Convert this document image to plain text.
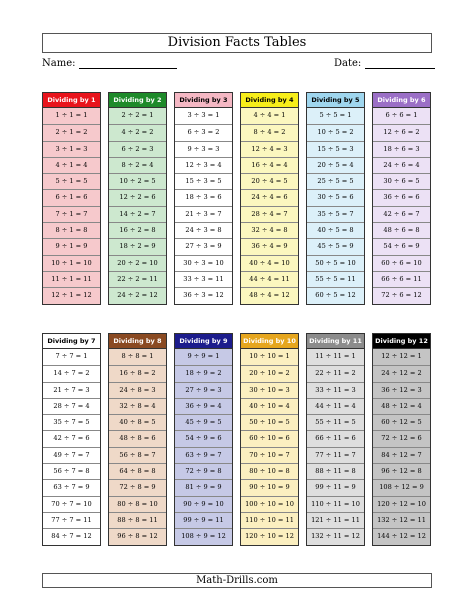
Division Facts Tables
Name:	Date:
Dividing by 1
1 ÷ 1 = 1
2 ÷ 1 = 2
3 ÷ 1 = 3
4 ÷ 1 = 4
5 ÷ 1 = 5
6 ÷ 1 = 6
7 ÷ 1 = 7
8 ÷ 1 = 8
9 ÷ 1 = 9
10 ÷ 1 = 10
11 ÷ 1 = 11
12 ÷ 1 = 12
Dividing by 2
2 ÷ 2 = 1
4 ÷ 2 = 2
6 ÷ 2 = 3
8 ÷ 2 = 4
10 ÷ 2 = 5
12 ÷ 2 = 6
14 ÷ 2 = 7
16 ÷ 2 = 8
18 ÷ 2 = 9
20 ÷ 2 = 10
22 ÷ 2 = 11
24 ÷ 2 = 12
Dividing by 3
3 ÷ 3 = 1
6 ÷ 3 = 2
9 ÷ 3 = 3
12 ÷ 3 = 4
15 ÷ 3 = 5
18 ÷ 3 = 6
21 ÷ 3 = 7
24 ÷ 3 = 8
27 ÷ 3 = 9
30 ÷ 3 = 10
33 ÷ 3 = 11
36 ÷ 3 = 12
Dividing by 4
4 ÷ 4 = 1
8 ÷ 4 = 2
12 ÷ 4 = 3
16 ÷ 4 = 4
20 ÷ 4 = 5
24 ÷ 4 = 6
28 ÷ 4 = 7
32 ÷ 4 = 8
36 ÷ 4 = 9
40 ÷ 4 = 10
44 ÷ 4 = 11
48 ÷ 4 = 12
Dividing by 5
5 ÷ 5 = 1
10 ÷ 5 = 2
15 ÷ 5 = 3
20 ÷ 5 = 4
25 ÷ 5 = 5
30 ÷ 5 = 6
35 ÷ 5 = 7
40 ÷ 5 = 8
45 ÷ 5 = 9
50 ÷ 5 = 10
55 ÷ 5 = 11
60 ÷ 5 = 12
Dividing by 6
6 ÷ 6 = 1
12 ÷ 6 = 2
18 ÷ 6 = 3
24 ÷ 6 = 4
30 ÷ 6 = 5
36 ÷ 6 = 6
42 ÷ 6 = 7
48 ÷ 6 = 8
54 ÷ 6 = 9
60 ÷ 6 = 10
66 ÷ 6 = 11
72 ÷ 6 = 12
Dividing by 7
7 ÷ 7 = 1
14 ÷ 7 = 2
21 ÷ 7 = 3
28 ÷ 7 = 4
35 ÷ 7 = 5
42 ÷ 7 = 6
49 ÷ 7 = 7
56 ÷ 7 = 8
63 ÷ 7 = 9
70 ÷ 7 = 10
77 ÷ 7 = 11
84 ÷ 7 = 12
Dividing by 8
8 ÷ 8 = 1
16 ÷ 8 = 2
24 ÷ 8 = 3
32 ÷ 8 = 4
40 ÷ 8 = 5
48 ÷ 8 = 6
56 ÷ 8 = 7
64 ÷ 8 = 8
72 ÷ 8 = 9
80 ÷ 8 = 10
88 ÷ 8 = 11
96 ÷ 8 = 12
Dividing by 9
9 ÷ 9 = 1
18 ÷ 9 = 2
27 ÷ 9 = 3
36 ÷ 9 = 4
45 ÷ 9 = 5
54 ÷ 9 = 6
63 ÷ 9 = 7
72 ÷ 9 = 8
81 ÷ 9 = 9
90 ÷ 9 = 10
99 ÷ 9 = 11
108 ÷ 9 = 12
Dividing by 10
10 ÷ 10 = 1
20 ÷ 10 = 2
30 ÷ 10 = 3
40 ÷ 10 = 4
50 ÷ 10 = 5
60 ÷ 10 = 6
70 ÷ 10 = 7
80 ÷ 10 = 8
90 ÷ 10 = 9
100 ÷ 10 = 10
110 ÷ 10 = 11
120 ÷ 10 = 12
Dividing by 11
11 ÷ 11 = 1
22 ÷ 11 = 2
33 ÷ 11 = 3
44 ÷ 11 = 4
55 ÷ 11 = 5
66 ÷ 11 = 6
77 ÷ 11 = 7
88 ÷ 11 = 8
99 ÷ 11 = 9
110 ÷ 11 = 10
121 ÷ 11 = 11
132 ÷ 11 = 12
Dividing by 12
12 ÷ 12 = 1
24 ÷ 12 = 2
36 ÷ 12 = 3
48 ÷ 12 = 4
60 ÷ 12 = 5
72 ÷ 12 = 6
84 ÷ 12 = 7
96 ÷ 12 = 8
108 ÷ 12 = 9
120 ÷ 12 = 10
132 ÷ 12 = 11
144 ÷ 12 = 12
Math-Drills.com
